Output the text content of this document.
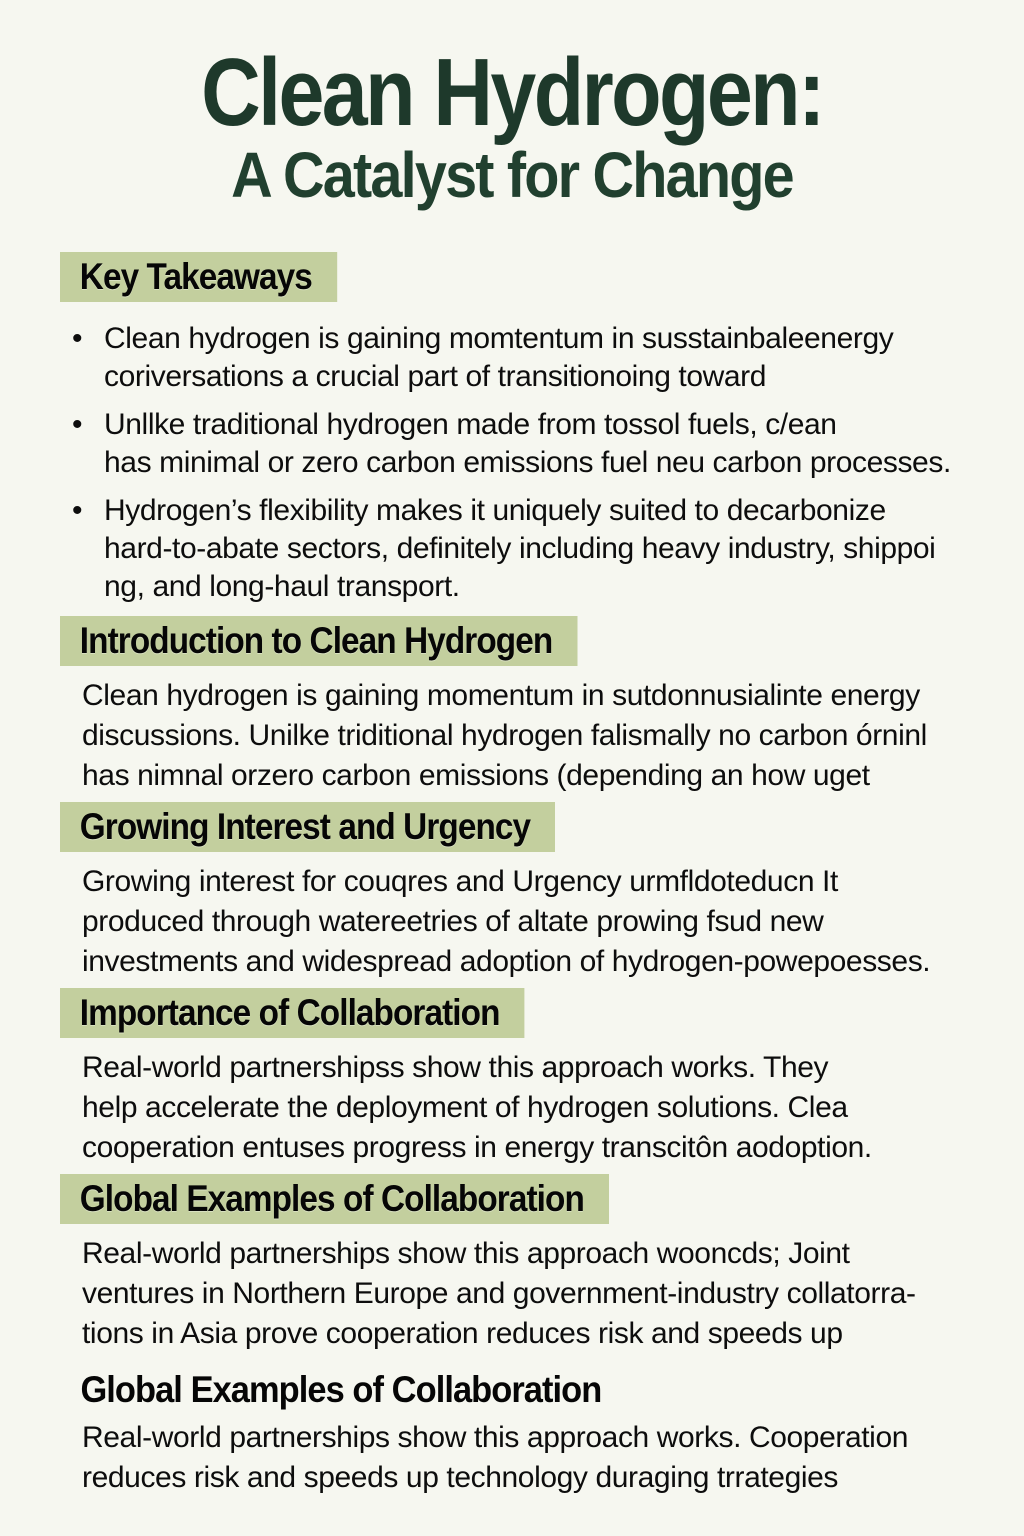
Clean Hydrogen:
A Catalyst for Change
Key Takeaways
• Clean hydrogen is gaining momtentum in susstainbaleenergy
coriversations a crucial part of transitionoing toward
• Unllke traditional hydrogen made from tossol fuels, c/ean
has minimal or zero carbon emissions fuel neu carbon processes.
• Hydrogen’s flexibility makes it uniquely suited to decarbonize
hard-to-abate sectors, definitely including heavy industry, shippoi
ng, and long-haul transport.
Introduction to Clean Hydrogen
Clean hydrogen is gaining momentum in sutdonnusialinte energy
discussions. Unilke triditional hydrogen falismally no carbon órninl
has nimnal orzero carbon emissions (depending an how uget
Growing Interest and Urgency
Growing interest for couqres and Urgency urmfldoteducn It
produced through watereetries of altate prowing fsud new
investments and widespread adoption of hydrogen-powepoesses.
Importance of Collaboration
Real-world partnershipss show this approach works. They
help accelerate the deployment of hydrogen solutions. Clea
cooperation entuses progress in energy transcitôn aodoption.
Global Examples of Collaboration
Real-world partnerships show this approach wooncds; Joint
ventures in Northern Europe and government-industry collatorra-
tions in Asia prove cooperation reduces risk and speeds up
Global Examples of Collaboration
Real-world partnerships show this approach works. Cooperation
reduces risk and speeds up technology duraging trrategies
